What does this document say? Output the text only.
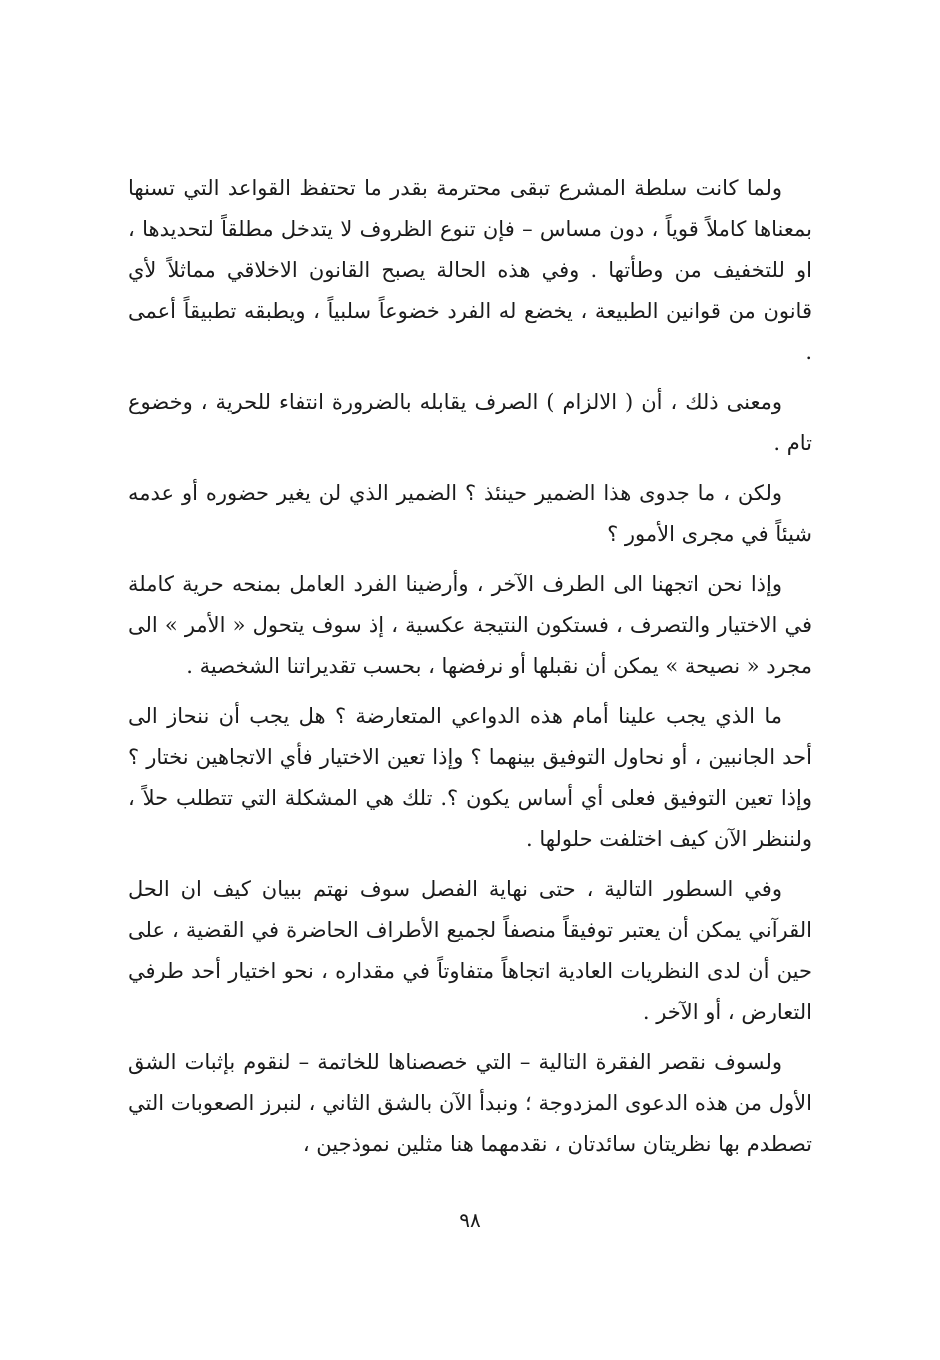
ولما كانت سلطة المشرع تبقى محترمة بقدر ما تحتفظ القواعد التي تسنها بمعناها كاملاً قوياً ، دون مساس – فإن تنوع الظروف لا يتدخل مطلقاً لتحديدها ، او للتخفيف من وطأتها . وفي هذه الحالة يصبح القانون الاخلاقي مماثلاً لأي قانون من قوانين الطبيعة ، يخضع له الفرد خضوعاً سلبياً ، ويطبقه تطبيقاً أعمى .

ومعنى ذلك ، أن ( الالزام ) الصرف يقابله بالضرورة انتفاء للحرية ، وخضوع تام .

ولكن ، ما جدوى هذا الضمير حينئذ ؟ الضمير الذي لن يغير حضوره أو عدمه شيئاً في مجرى الأمور ؟

وإذا نحن اتجهنا الى الطرف الآخر ، وأرضينا الفرد العامل بمنحه حرية كاملة في الاختيار والتصرف ، فستكون النتيجة عكسية ، إذ سوف يتحول « الأمر » الى مجرد « نصيحة » يمكن أن نقبلها أو نرفضها ، بحسب تقديراتنا الشخصية .

ما الذي يجب علينا أمام هذه الدواعي المتعارضة ؟ هل يجب أن ننحاز الى أحد الجانبين ، أو نحاول التوفيق بينهما ؟ وإذا تعين الاختيار فأي الاتجاهين نختار ؟ وإذا تعين التوفيق فعلى أي أساس يكون ؟. تلك هي المشكلة التي تتطلب حلاً ، ولننظر الآن كيف اختلفت حلولها .

وفي السطور التالية ، حتى نهاية الفصل سوف نهتم ببيان كيف ان الحل القرآني يمكن أن يعتبر توفيقاً منصفاً لجميع الأطراف الحاضرة في القضية ، على حين أن لدى النظريات العادية اتجاهاً متفاوتاً في مقداره ، نحو اختيار أحد طرفي التعارض ، أو الآخر .

ولسوف نقصر الفقرة التالية – التي خصصناها للخاتمة – لنقوم بإثبات الشق الأول من هذه الدعوى المزدوجة ؛ ونبدأ الآن بالشق الثاني ، لنبرز الصعوبات التي تصطدم بها نظريتان سائدتان ، نقدمهما هنا مثلين نموذجين ،

٩٨
